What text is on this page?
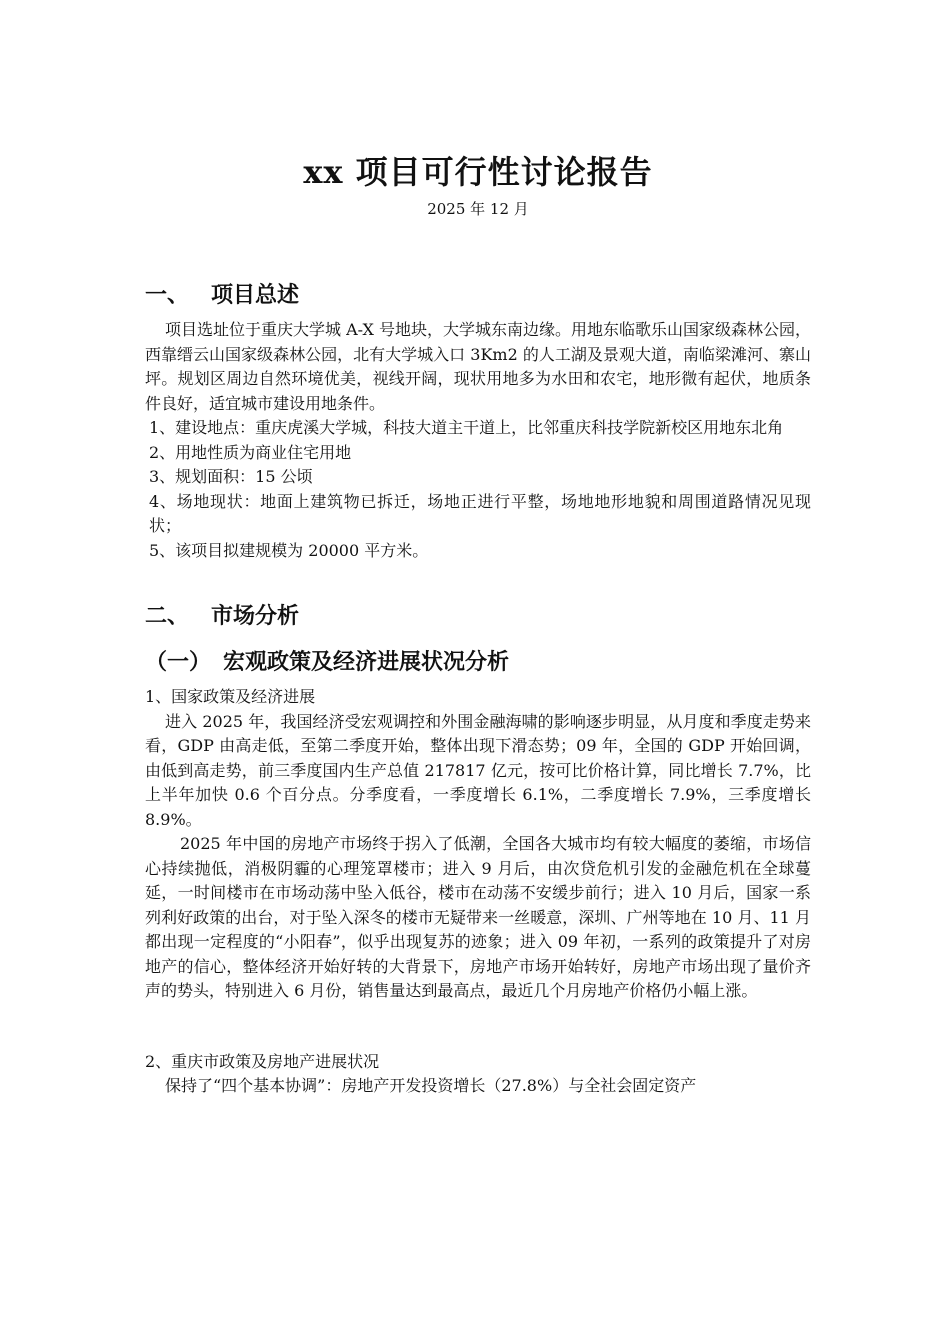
xx 项目可行性讨论报告
2025 年 12 月
一、 项目总述

项目选址位于重庆大学城 A-X 号地块，大学城东南边缘。用地东临歌乐山国家级森林公园，西靠缙云山国家级森林公园，北有大学城入口 3Km2 的人工湖及景观大道，南临梁滩河、寨山坪。规划区周边自然环境优美，视线开阔，现状用地多为水田和农宅，地形微有起伏，地质条件良好，适宜城市建设用地条件。

1、建设地点：重庆虎溪大学城，科技大道主干道上，比邻重庆科技学院新校区用地东北角

2、用地性质为商业住宅用地

3、规划面积：15 公顷

4、场地现状：地面上建筑物已拆迁，场地正进行平整，场地地形地貌和周围道路情况见现状；

5、该项目拟建规模为 20000 平方米。

二、 市场分析
（一） 宏观政策及经济进展状况分析

1、国家政策及经济进展

进入 2025 年，我国经济受宏观调控和外围金融海啸的影响逐步明显，从月度和季度走势来看，GDP 由高走低，至第二季度开始，整体出现下滑态势；09 年，全国的 GDP 开始回调，由低到高走势，前三季度国内生产总值 217817 亿元，按可比价格计算，同比增长 7.7%，比上半年加快 0.6 个百分点。分季度看，一季度增长 6.1%，二季度增长 7.9%，三季度增长 8.9%。

2025 年中国的房地产市场终于拐入了低潮，全国各大城市均有较大幅度的萎缩，市场信心持续抛低，消极阴霾的心理笼罩楼市；进入 9 月后，由次贷危机引发的金融危机在全球蔓延，一时间楼市在市场动荡中坠入低谷，楼市在动荡不安缓步前行；进入 10 月后，国家一系列利好政策的出台，对于坠入深冬的楼市无疑带来一丝暖意，深圳、广州等地在 10 月、11 月都出现一定程度的“小阳春”，似乎出现复苏的迹象；进入 09 年初，一系列的政策提升了对房地产的信心，整体经济开始好转的大背景下，房地产市场开始转好，房地产市场出现了量价齐声的势头，特别进入 6 月份，销售量达到最高点，最近几个月房地产价格仍小幅上涨。

2、重庆市政策及房地产进展状况

保持了“四个基本协调”：房地产开发投资增长（27.8%）与全社会固定资产
